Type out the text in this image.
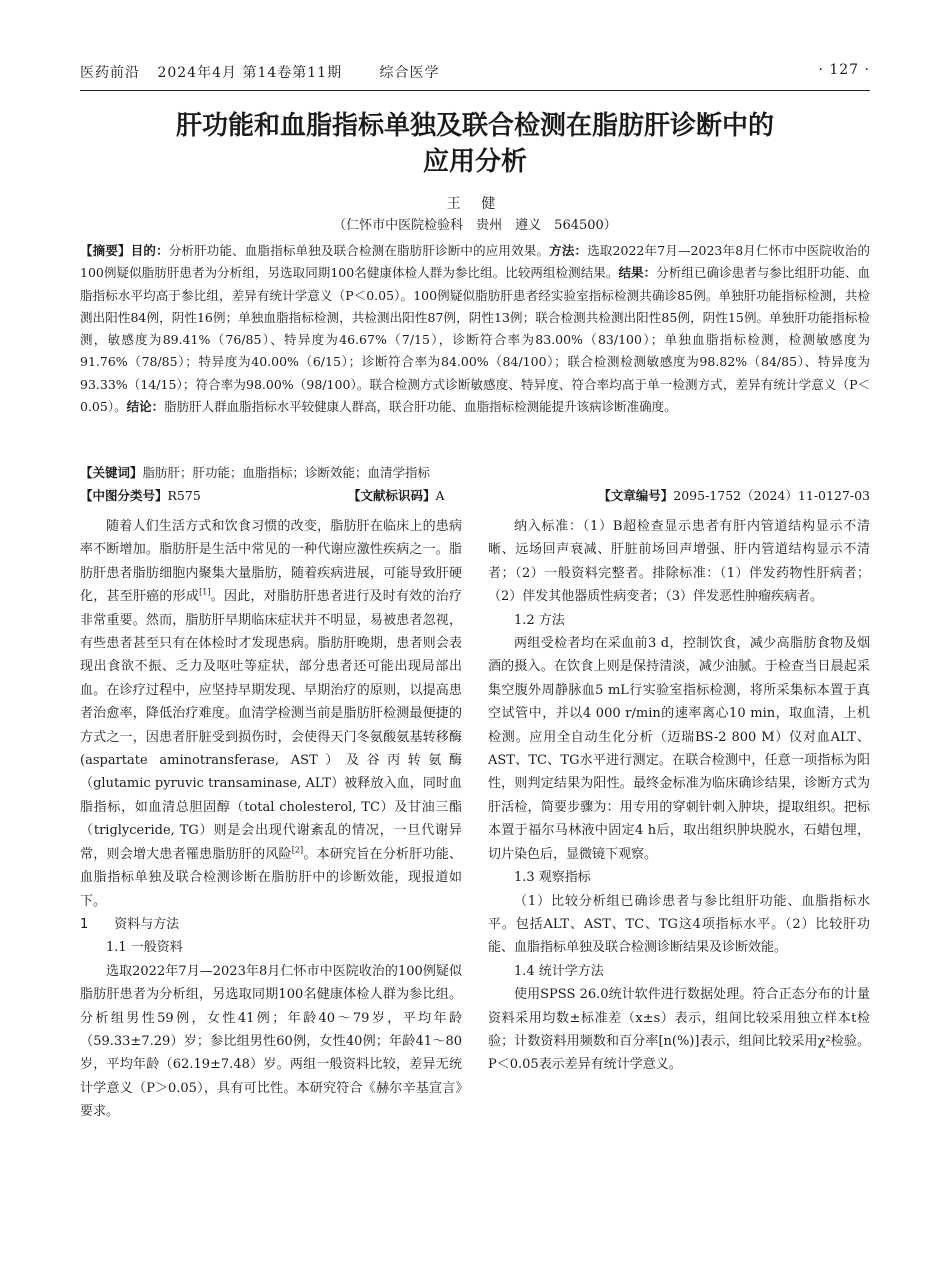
医药前沿 2024年4月 第14卷第11期	综合医学	· 127 ·
肝功能和血脂指标单独及联合检测在脂肪肝诊断中的
应用分析
王 健
（仁怀市中医院检验科　贵州　遵义　564500）
【摘要】目的：分析肝功能、血脂指标单独及联合检测在脂肪肝诊断中的应用效果。方法：选取2022年7月—2023年8月仁怀市中医院收治的100例疑似脂肪肝患者为分析组，另选取同期100名健康体检人群为参比组。比较两组检测结果。结果：分析组已确诊患者与参比组肝功能、血脂指标水平均高于参比组，差异有统计学意义（P＜0.05）。100例疑似脂肪肝患者经实验室指标检测共确诊85例。单独肝功能指标检测，共检测出阳性84例，阴性16例；单独血脂指标检测，共检测出阳性87例，阴性13例；联合检测共检测出阳性85例，阴性15例。单独肝功能指标检测，敏感度为89.41%（76/85）、特异度为46.67%（7/15），诊断符合率为83.00%（83/100）；单独血脂指标检测，检测敏感度为91.76%（78/85）；特异度为40.00%（6/15）；诊断符合率为84.00%（84/100）；联合检测检测敏感度为98.82%（84/85）、特异度为93.33%（14/15）；符合率为98.00%（98/100）。联合检测方式诊断敏感度、特异度、符合率均高于单一检测方式，差异有统计学意义（P＜0.05）。结论：脂肪肝人群血脂指标水平较健康人群高，联合肝功能、血脂指标检测能提升该病诊断准确度。
【关键词】脂肪肝；肝功能；血脂指标；诊断效能；血清学指标
【中图分类号】R575	【文献标识码】A	【文章编号】2095-1752（2024）11-0127-03

随着人们生活方式和饮食习惯的改变，脂肪肝在临床上的患病率不断增加。脂肪肝是生活中常见的一种代谢应激性疾病之一。脂肪肝患者脂肪细胞内聚集大量脂肪，随着疾病进展，可能导致肝硬化，甚至肝癌的形成[1]。因此，对脂肪肝患者进行及时有效的治疗非常重要。然而，脂肪肝早期临床症状并不明显，易被患者忽视，有些患者甚至只有在体检时才发现患病。脂肪肝晚期，患者则会表现出食欲不振、乏力及呕吐等症状，部分患者还可能出现局部出血。在诊疗过程中，应坚持早期发现、早期治疗的原则，以提高患者治愈率，降低治疗难度。血清学检测当前是脂肪肝检测最便捷的方式之一，因患者肝脏受到损伤时，会使得天门冬氨酸氨基转移酶(aspartate aminotransferase, AST）及谷丙转氨酶（glutamic pyruvic transaminase, ALT）被释放入血，同时血脂指标，如血清总胆固醇（total cholesterol, TC）及甘油三酯（triglyceride, TG）则是会出现代谢紊乱的情况，一旦代谢异常，则会增大患者罹患脂肪肝的风险[2]。本研究旨在分析肝功能、血脂指标单独及联合检测诊断在脂肪肝中的诊断效能，现报道如下。

1　　资料与方法

1.1 一般资料

选取2022年7月—2023年8月仁怀市中医院收治的100例疑似脂肪肝患者为分析组，另选取同期100名健康体检人群为参比组。分析组男性59例，女性41例；年龄40～79岁，平均年龄（59.33±7.29）岁；参比组男性60例，女性40例；年龄41～80岁，平均年龄（62.19±7.48）岁。两组一般资料比较，差异无统计学意义（P＞0.05），具有可比性。本研究符合《赫尔辛基宣言》要求。

纳入标准：（1）B超检查显示患者有肝内管道结构显示不清晰、远场回声衰减、肝脏前场回声增强、肝内管道结构显示不清者；（2）一般资料完整者。排除标准：（1）伴发药物性肝病者；（2）伴发其他器质性病变者；（3）伴发恶性肿瘤疾病者。

1.2 方法

两组受检者均在采血前3 d，控制饮食，减少高脂肪食物及烟酒的摄入。在饮食上则是保持清淡，减少油腻。于检查当日晨起采集空腹外周静脉血5 mL行实验室指标检测，将所采集标本置于真空试管中，并以4 000 r/min的速率离心10 min，取血清，上机检测。应用全自动生化分析（迈瑞BS-2 800 M）仪对血ALT、AST、TC、TG水平进行测定。在联合检测中，任意一项指标为阳性，则判定结果为阳性。最终金标准为临床确诊结果，诊断方式为肝活检，简要步骤为：用专用的穿刺针刺入肿块，提取组织。把标本置于福尔马林液中固定4 h后，取出组织肿块脱水，石蜡包埋，切片染色后，显微镜下观察。

1.3 观察指标

（1）比较分析组已确诊患者与参比组肝功能、血脂指标水平。包括ALT、AST、TC、TG这4项指标水平。（2）比较肝功能、血脂指标单独及联合检测诊断结果及诊断效能。

1.4 统计学方法

使用SPSS 26.0统计软件进行数据处理。符合正态分布的计量资料采用均数±标准差（x±s）表示，组间比较采用独立样本t检验；计数资料用频数和百分率[n(%)]表示，组间比较采用χ²检验。P＜0.05表示差异有统计学意义。
